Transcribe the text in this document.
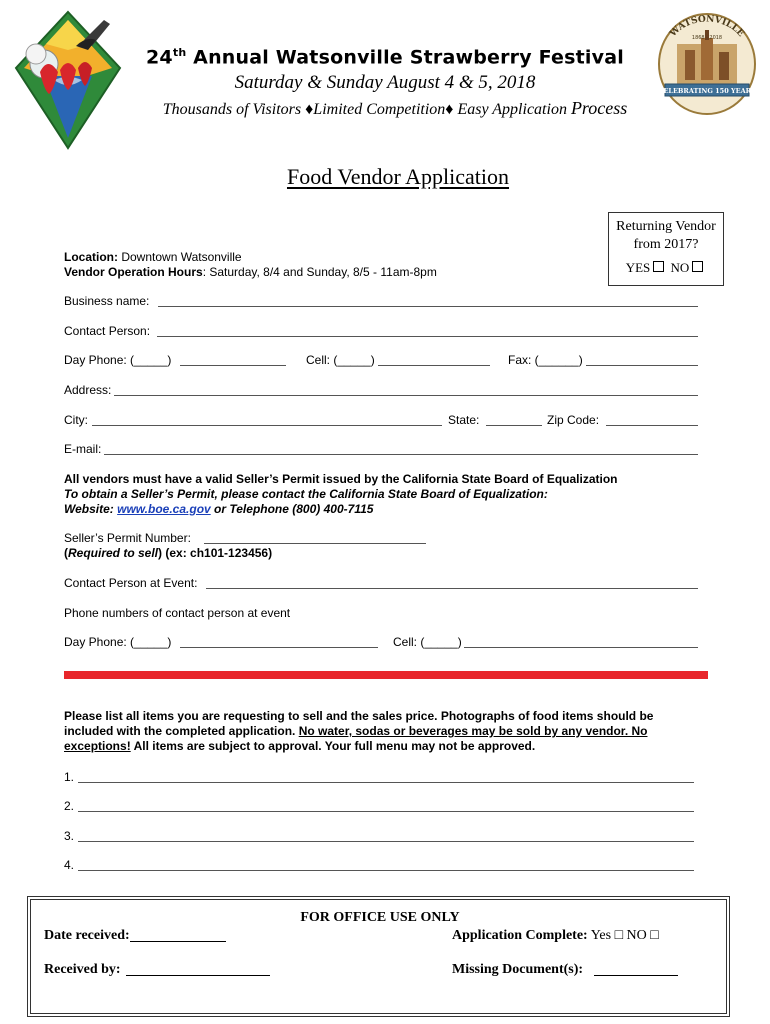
WATSONVILLE
1868 · 2018
CELEBRATING 150 YEARS
24th Annual Watsonville Strawberry Festival
Saturday & Sunday August 4 & 5, 2018
Thousands of Visitors ♦Limited Competition♦ Easy Application Process
Food Vendor Application
Returning Vendor
from 2017?
YES NO
Location: Downtown Watsonville
Vendor Operation Hours: Saturday, 8/4 and Sunday, 8/5 - 11am-8pm
Business name:
Contact Person:
Day Phone: (_____)	Cell: (_____)	Fax: (______)
Address:
City:	State:	Zip Code:
E-mail:
All vendors must have a valid Seller’s Permit issued by the California State Board of Equalization
To obtain a Seller’s Permit, please contact the California State Board of Equalization:
Website: www.boe.ca.gov or Telephone (800) 400-7115
Seller’s Permit Number:
(Required to sell) (ex: ch101-123456)
Contact Person at Event:
Phone numbers of contact person at event
Day Phone: (_____)	Cell: (_____)
Please list all items you are requesting to sell and the sales price. Photographs of food items should be included with the completed application. No water, sodas or beverages may be sold by any vendor. No exceptions! All items are subject to approval. Your full menu may not be approved.
1.
2.
3.
4.
FOR OFFICE USE ONLY
Date received:	Application Complete: Yes □ NO □
Received by:	Missing Document(s):
